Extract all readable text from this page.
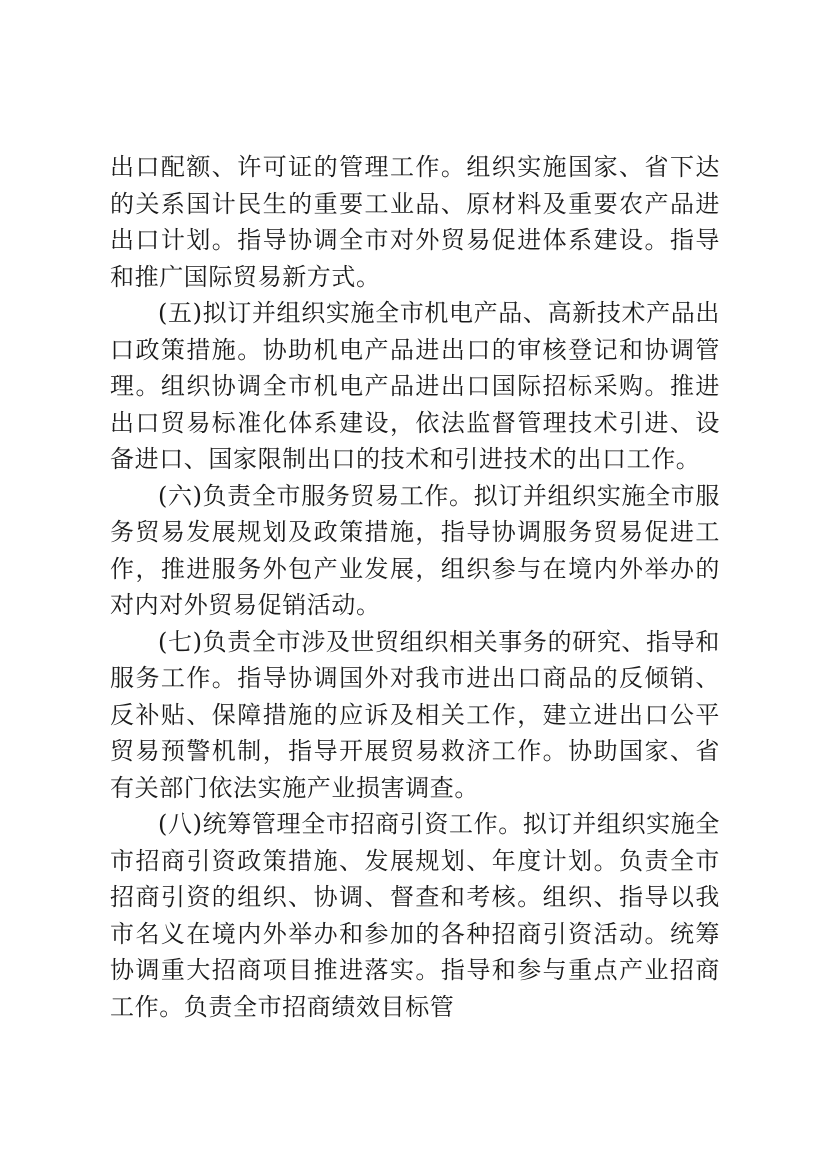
出口配额、许可证的管理工作。组织实施国家、省下达的关系国计民生的重要工业品、原材料及重要农产品进出口计划。指导协调全市对外贸易促进体系建设。指导和推广国际贸易新方式。

(五)拟订并组织实施全市机电产品、高新技术产品出口政策措施。协助机电产品进出口的审核登记和协调管理。组织协调全市机电产品进出口国际招标采购。推进出口贸易标准化体系建设，依法监督管理技术引进、设备进口、国家限制出口的技术和引进技术的出口工作。

(六)负责全市服务贸易工作。拟订并组织实施全市服务贸易发展规划及政策措施，指导协调服务贸易促进工作，推进服务外包产业发展，组织参与在境内外举办的对内对外贸易促销活动。

(七)负责全市涉及世贸组织相关事务的研究、指导和服务工作。指导协调国外对我市进出口商品的反倾销、反补贴、保障措施的应诉及相关工作，建立进出口公平贸易预警机制，指导开展贸易救济工作。协助国家、省有关部门依法实施产业损害调查。

(八)统筹管理全市招商引资工作。拟订并组织实施全市招商引资政策措施、发展规划、年度计划。负责全市招商引资的组织、协调、督查和考核。组织、指导以我市名义在境内外举办和参加的各种招商引资活动。统筹协调重大招商项目推进落实。指导和参与重点产业招商工作。负责全市招商绩效目标管
